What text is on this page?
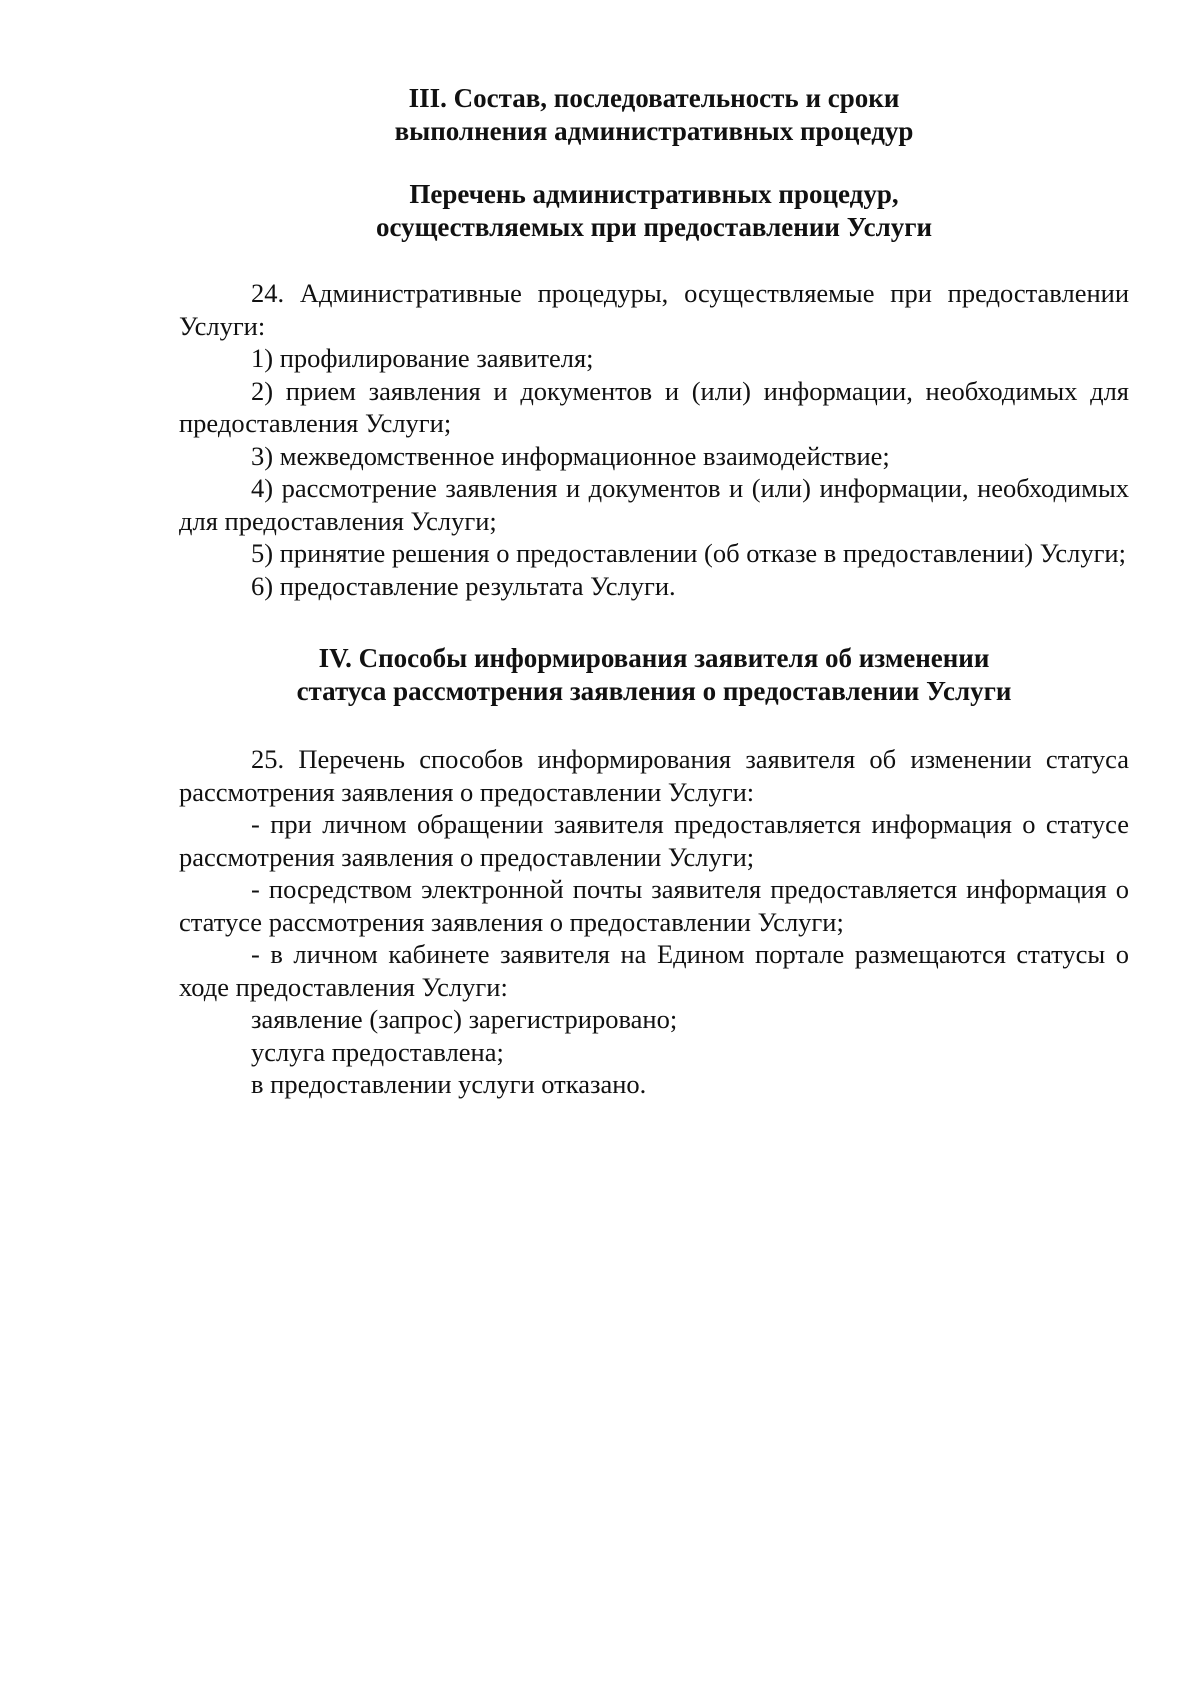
III. Состав, последовательность и сроки
выполнения административных процедур
Перечень административных процедур,
осуществляемых при предоставлении Услуги

24. Административные процедуры, осуществляемые при предоставлении Услуги:

1) профилирование заявителя;

2) прием заявления и документов и (или) информации, необходимых для предоставления Услуги;

3) межведомственное информационное взаимодействие;

4) рассмотрение заявления и документов и (или) информации, необходимых для предоставления Услуги;

5) принятие решения о предоставлении (об отказе в предоставлении) Услуги;

6) предоставление результата Услуги.

IV. Способы информирования заявителя об изменении
статуса рассмотрения заявления о предоставлении Услуги

25. Перечень способов информирования заявителя об изменении статуса рассмотрения заявления о предоставлении Услуги:

- при личном обращении заявителя предоставляется информация о статусе рассмотрения заявления о предоставлении Услуги;

- посредством электронной почты заявителя предоставляется информация о статусе рассмотрения заявления о предоставлении Услуги;

- в личном кабинете заявителя на Едином портале размещаются статусы о ходе предоставления Услуги:

заявление (запрос) зарегистрировано;

услуга предоставлена;

в предоставлении услуги отказано.
